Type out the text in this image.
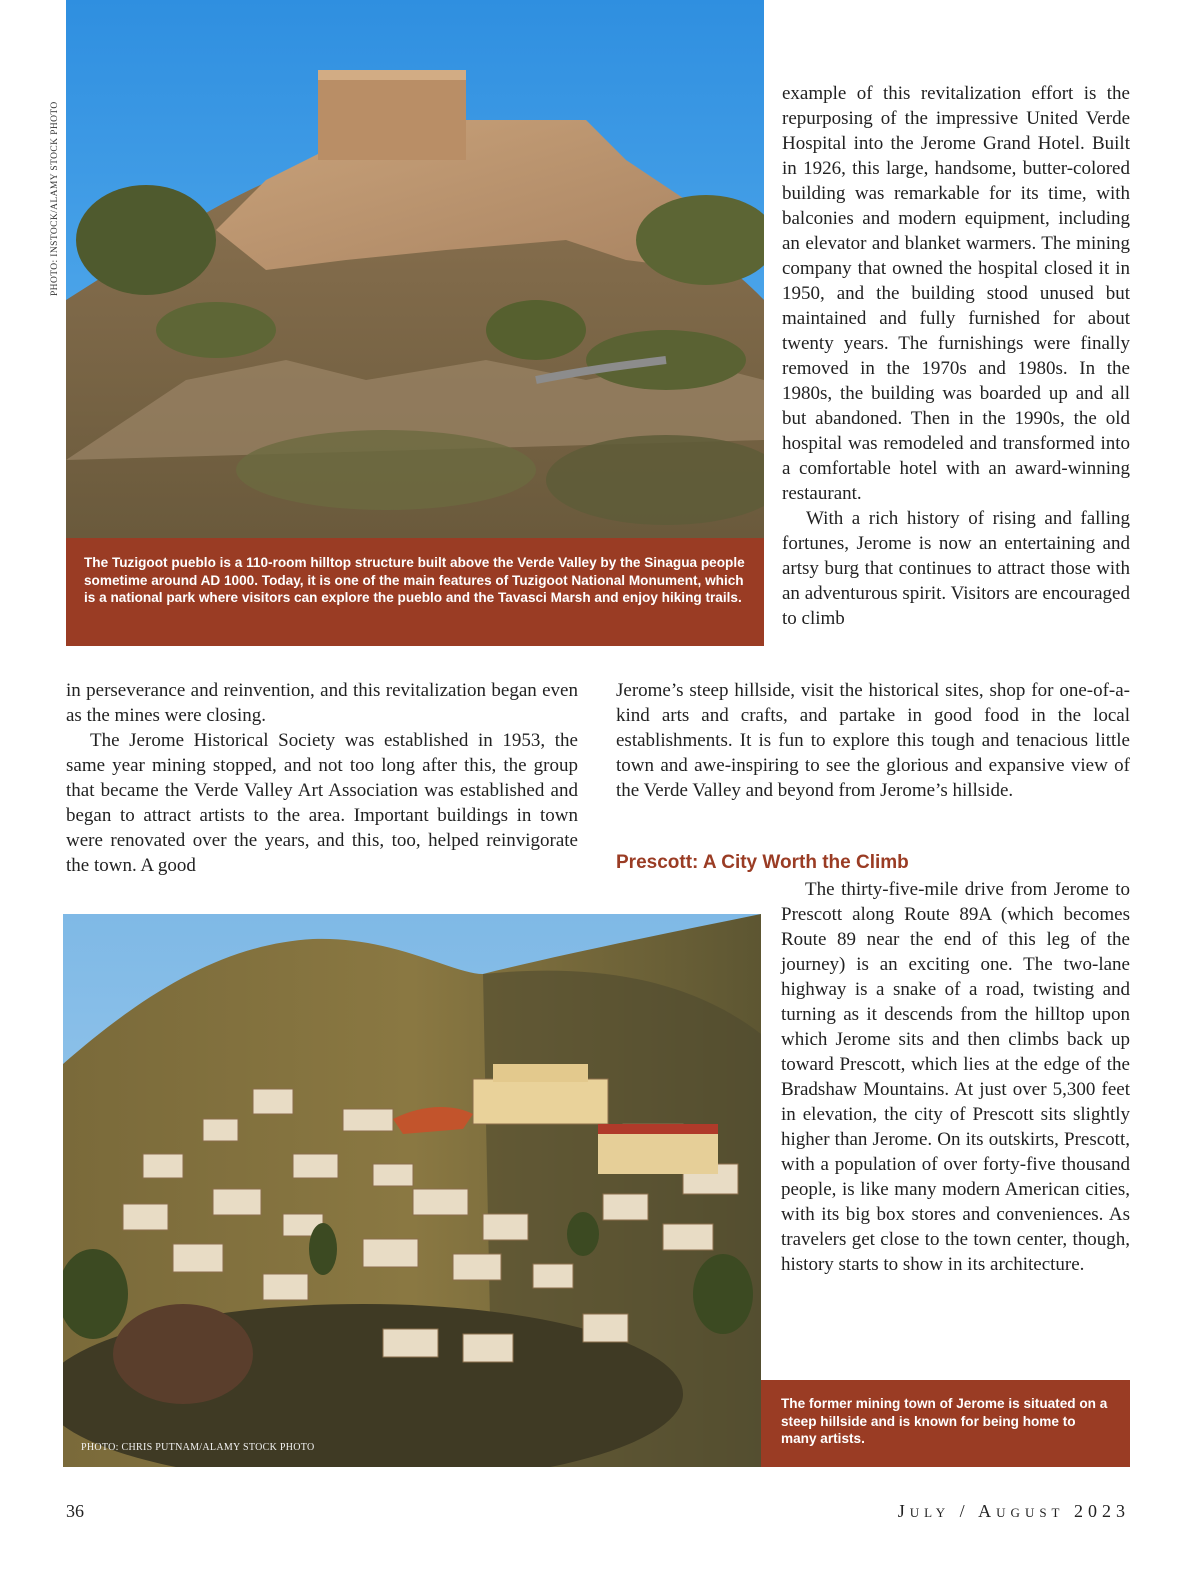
PHOTO: INSTOCK/ALAMY STOCK PHOTO
The Tuzigoot pueblo is a 110-room hilltop structure built above the Verde Valley by the Sinagua people sometime around AD 1000. Today, it is one of the main features of Tuzigoot National Monument, which is a national park where visitors can explore the pueblo and the Tavasci Marsh and enjoy hiking trails.

example of this revitalization effort is the repurposing of the impressive United Verde Hospital into the Jerome Grand Hotel. Built in 1926, this large, handsome, butter-colored building was remarkable for its time, with balconies and modern equipment, including an elevator and blanket warmers. The mining company that owned the hospital closed it in 1950, and the building stood unused but maintained and fully furnished for about twenty years. The furnishings were finally removed in the 1970s and 1980s. In the 1980s, the building was boarded up and all but abandoned. Then in the 1990s, the old hospital was remodeled and transformed into a comfortable hotel with an award-winning restaurant.

With a rich history of rising and falling fortunes, Jerome is now an entertaining and artsy burg that continues to attract those with an adventurous spirit. Visitors are encouraged to climb

Jerome’s steep hillside, visit the historical sites, shop for one-of-a-kind arts and crafts, and partake in good food in the local establishments. It is fun to explore this tough and tenacious little town and awe-inspiring to see the glorious and expansive view of the Verde Valley and beyond from Jerome’s hillside.

in perseverance and reinvention, and this revitalization began even as the mines were closing.

The Jerome Historical Society was established in 1953, the same year mining stopped, and not too long after this, the group that became the Verde Valley Art Association was established and began to attract artists to the area. Important buildings in town were renovated over the years, and this, too, helped reinvigorate the town. A good	Prescott: A City Worth the Climb

The thirty-five-mile drive from Jerome to Prescott along Route 89A (which becomes Route 89 near the end of this leg of the journey) is an exciting one. The two-lane highway is a snake of a road, twisting and turning as it descends from the hilltop upon which Jerome sits and then climbs back up toward Prescott, which lies at the edge of the Bradshaw Mountains. At just over 5,300 feet in elevation, the city of Prescott sits slightly higher than Jerome. On its outskirts, Prescott, with a population of over forty-five thousand people, is like many modern American cities, with its big box stores and conveniences. As travelers get close to the town center, though, history starts to show in its architecture.

PHOTO: CHRIS PUTNAM/ALAMY STOCK PHOTO
The former mining town of Jerome is situated on a steep hillside and is known for being home to many artists.
36	July / August 2023
